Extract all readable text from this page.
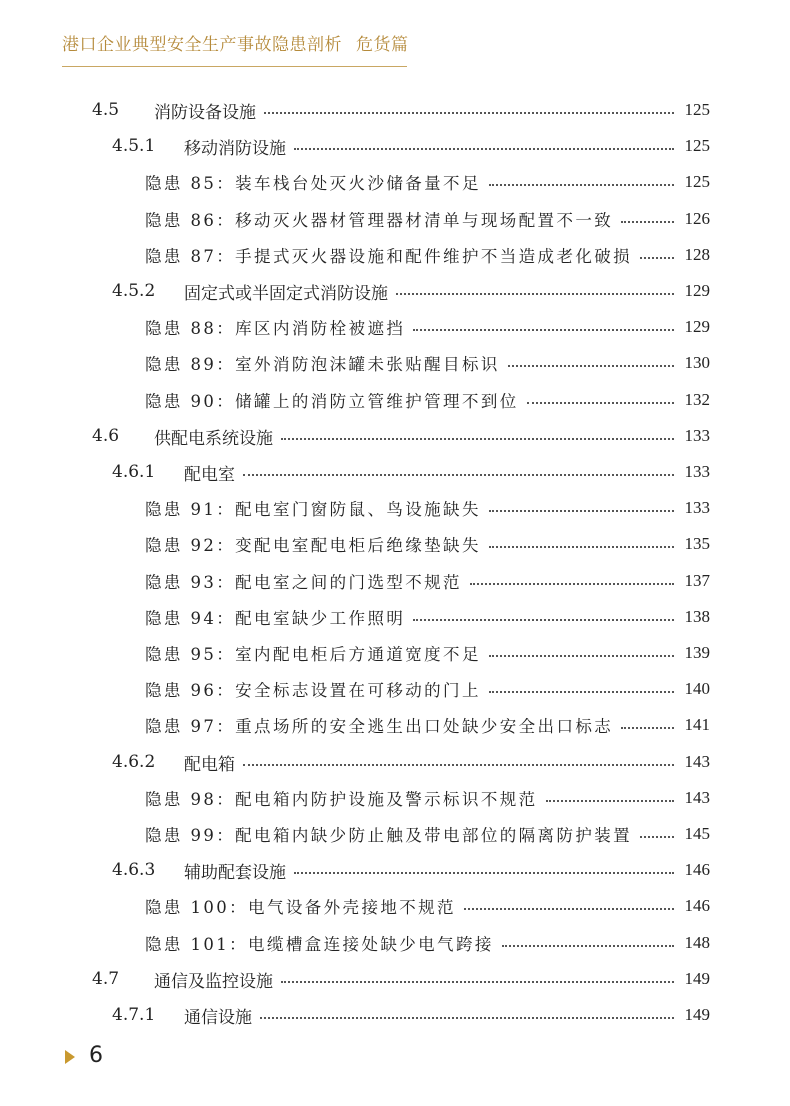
港口企业典型安全生产事故隐患剖析 危货篇
4.5	消防设备设施	125
4.5.1	移动消防设施	125
隐患 85：装车栈台处灭火沙储备量不足	125
隐患 86：移动灭火器材管理器材清单与现场配置不一致	126
隐患 87：手提式灭火器设施和配件维护不当造成老化破损	128
4.5.2	固定式或半固定式消防设施	129
隐患 88：库区内消防栓被遮挡	129
隐患 89：室外消防泡沫罐未张贴醒目标识	130
隐患 90：储罐上的消防立管维护管理不到位	132
4.6	供配电系统设施	133
4.6.1	配电室	133
隐患 91：配电室门窗防鼠、鸟设施缺失	133
隐患 92：变配电室配电柜后绝缘垫缺失	135
隐患 93：配电室之间的门选型不规范	137
隐患 94：配电室缺少工作照明	138
隐患 95：室内配电柜后方通道宽度不足	139
隐患 96：安全标志设置在可移动的门上	140
隐患 97：重点场所的安全逃生出口处缺少安全出口标志	141
4.6.2	配电箱	143
隐患 98：配电箱内防护设施及警示标识不规范	143
隐患 99：配电箱内缺少防止触及带电部位的隔离防护装置	145
4.6.3	辅助配套设施	146
隐患 100：电气设备外壳接地不规范	146
隐患 101：电缆槽盒连接处缺少电气跨接	148
4.7	通信及监控设施	149
4.7.1	通信设施	149
6
